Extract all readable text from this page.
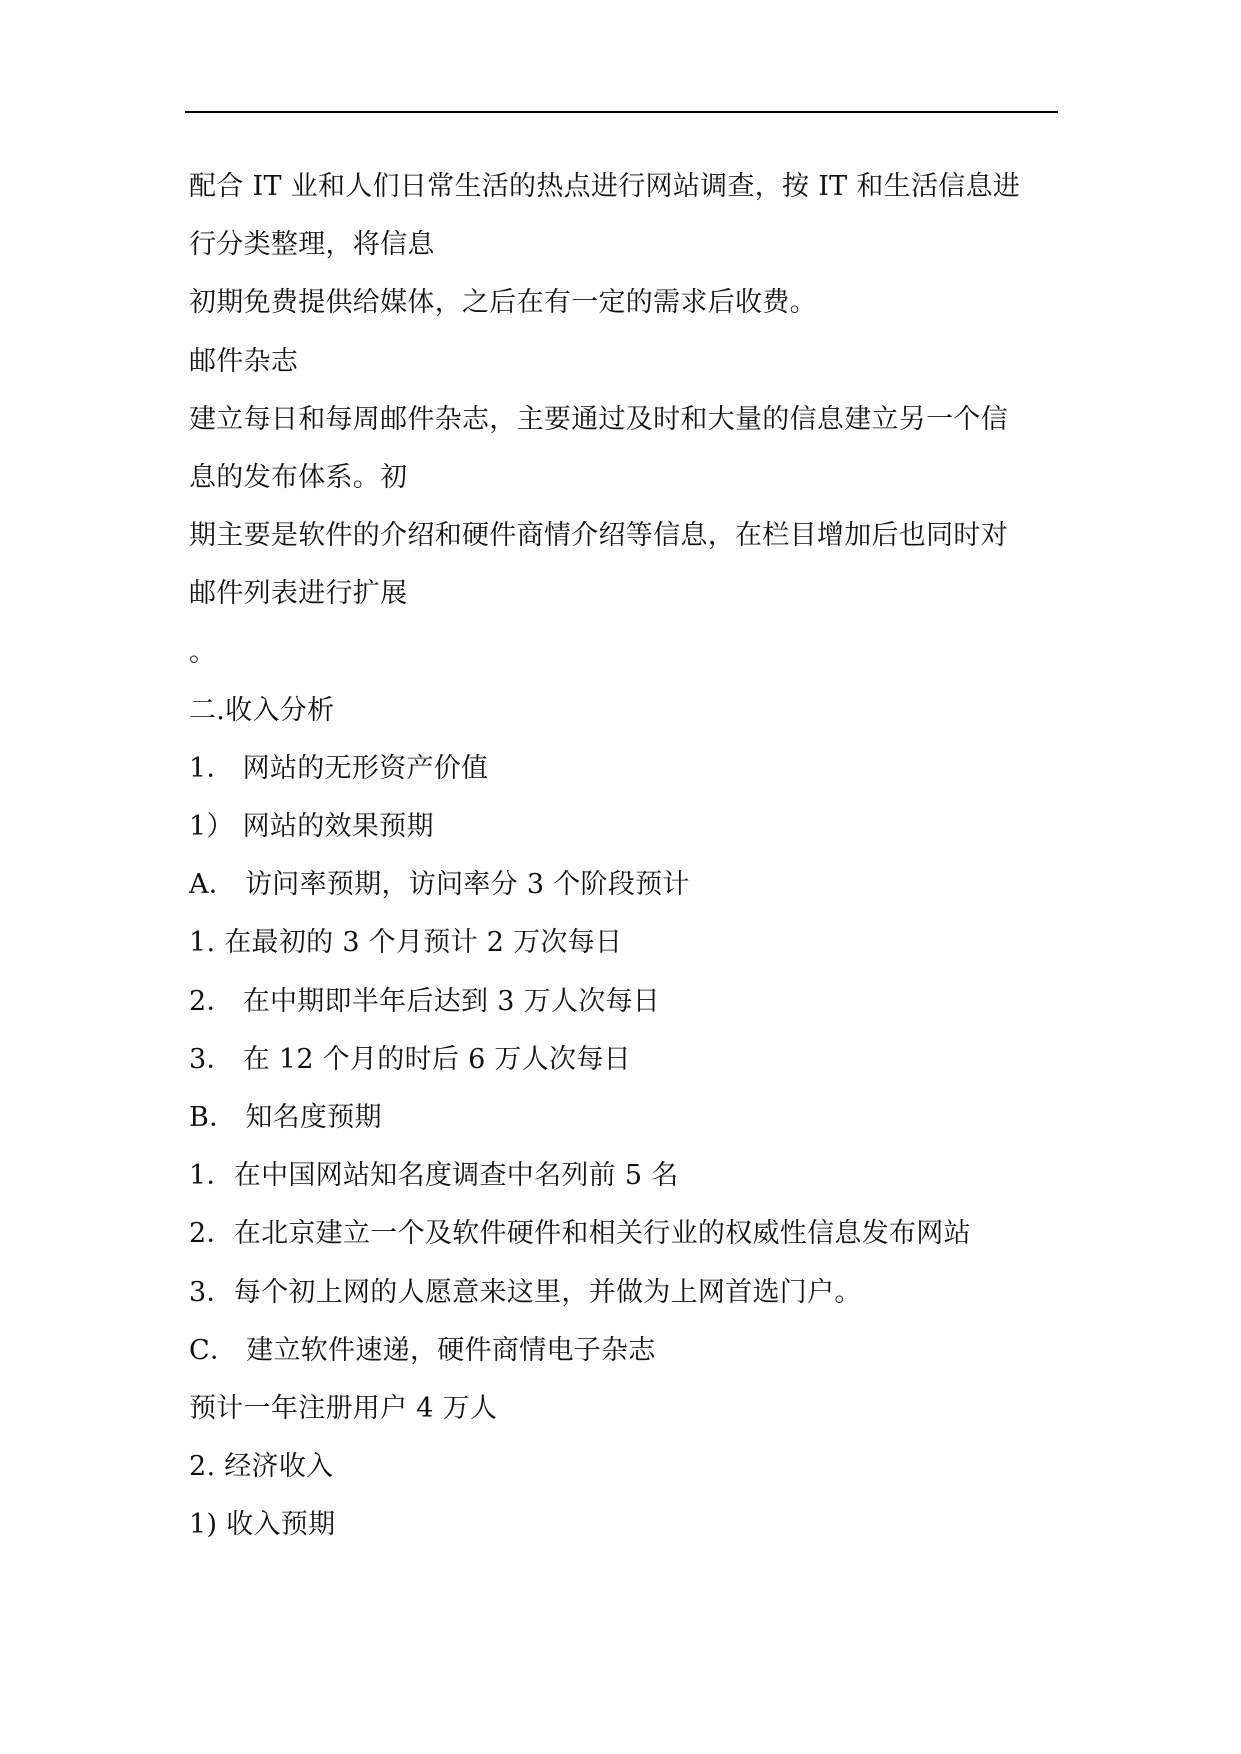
配合 IT 业和人们日常生活的热点进行网站调查，按 IT 和生活信息进
行分类整理，将信息
初期免费提供给媒体，之后在有一定的需求后收费。
邮件杂志
建立每日和每周邮件杂志，主要通过及时和大量的信息建立另一个信
息的发布体系。初
期主要是软件的介绍和硬件商情介绍等信息，在栏目增加后也同时对
邮件列表进行扩展
。
二.收入分析
1． 网站的无形资产价值
1） 网站的效果预期
A． 访问率预期，访问率分 3 个阶段预计
1. 在最初的 3 个月预计 2 万次每日
2． 在中期即半年后达到 3 万人次每日
3． 在 12 个月的时后 6 万人次每日
B． 知名度预期
1．在中国网站知名度调查中名列前 5 名
2．在北京建立一个及软件硬件和相关行业的权威性信息发布网站
3．每个初上网的人愿意来这里，并做为上网首选门户。
C． 建立软件速递，硬件商情电子杂志
预计一年注册用户 4 万人
2. 经济收入
1) 收入预期
